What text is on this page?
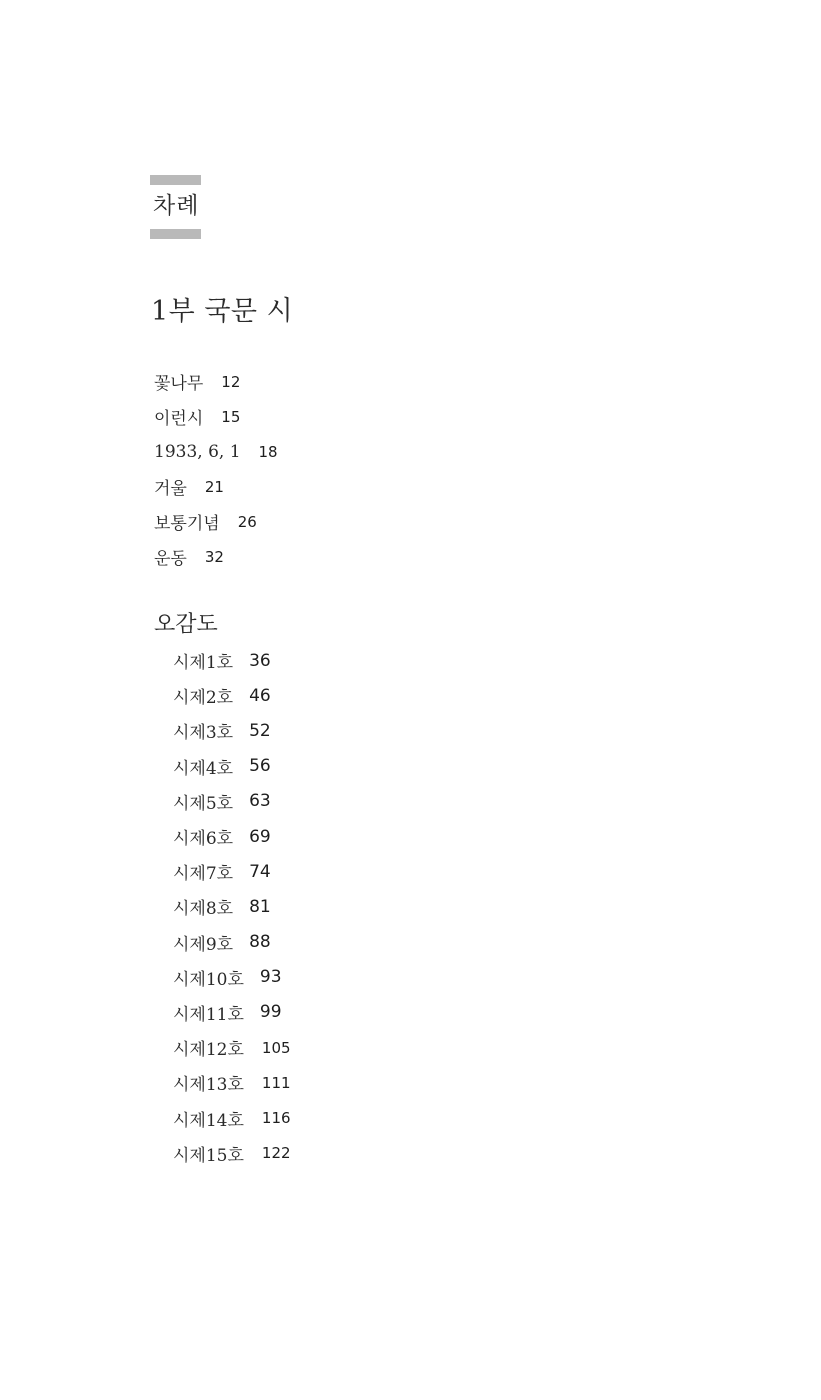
차례
1부 국문 시
꽃나무 12
이런시 15
1933, 6, 1 18
거울 21
보통기념 26
운동 32
오감도
시제1호 36
시제2호 46
시제3호 52
시제4호 56
시제5호 63
시제6호 69
시제7호 74
시제8호 81
시제9호 88
시제10호 93
시제11호 99
시제12호 105
시제13호 111
시제14호 116
시제15호 122
